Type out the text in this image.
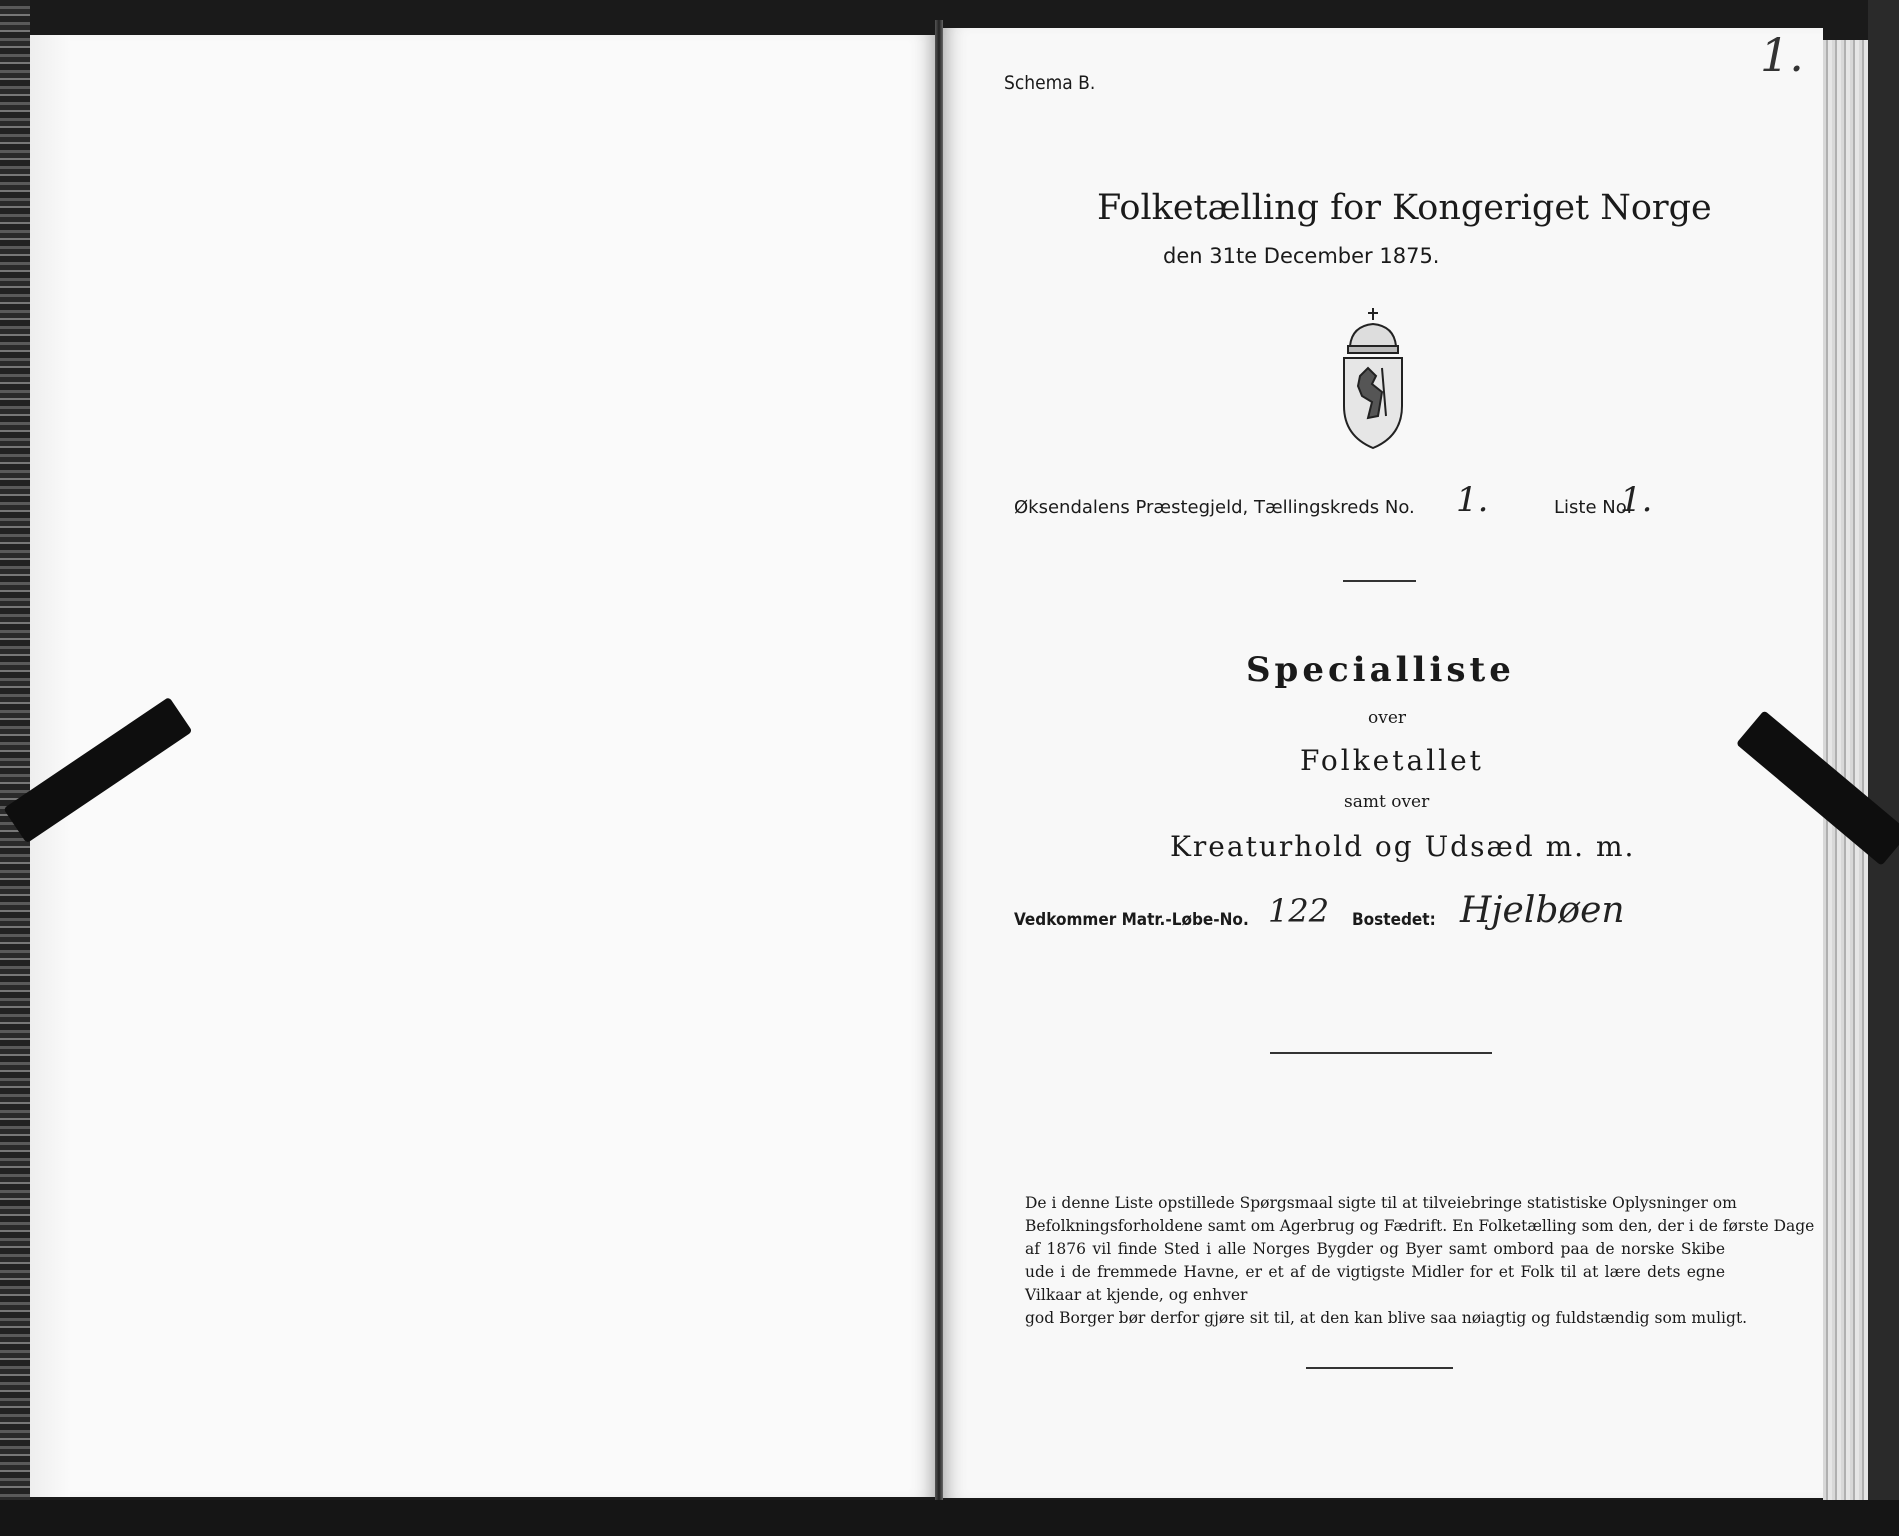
Schema B.
1.
Folketælling for Kongeriget Norge
den 31te December 1875.
Øksendalens Præstegjeld, Tællingskreds No. 1.	Liste No.
1.
Specialliste
over
Folketallet
samt over
Kreaturhold og Udsæd m. m.
Vedkommer Matr.-Løbe-No. 122 Bostedet: Hjelbøen
De i denne Liste opstillede Spørgsmaal sigte til at tilveiebringe statistiske Oplysninger om
Befolkningsforholdene samt om Agerbrug og Fædrift. En Folketælling som den, der i de første Dage
af 1876 vil finde Sted i alle Norges Bygder og Byer samt ombord paa de norske Skibe ude i de fremmede Havne, er et af de vigtigste Midler for et Folk til at lære dets egne Vilkaar at kjende, og enhver
god Borger bør derfor gjøre sit til, at den kan blive saa nøiagtig og fuldstændig som muligt.
